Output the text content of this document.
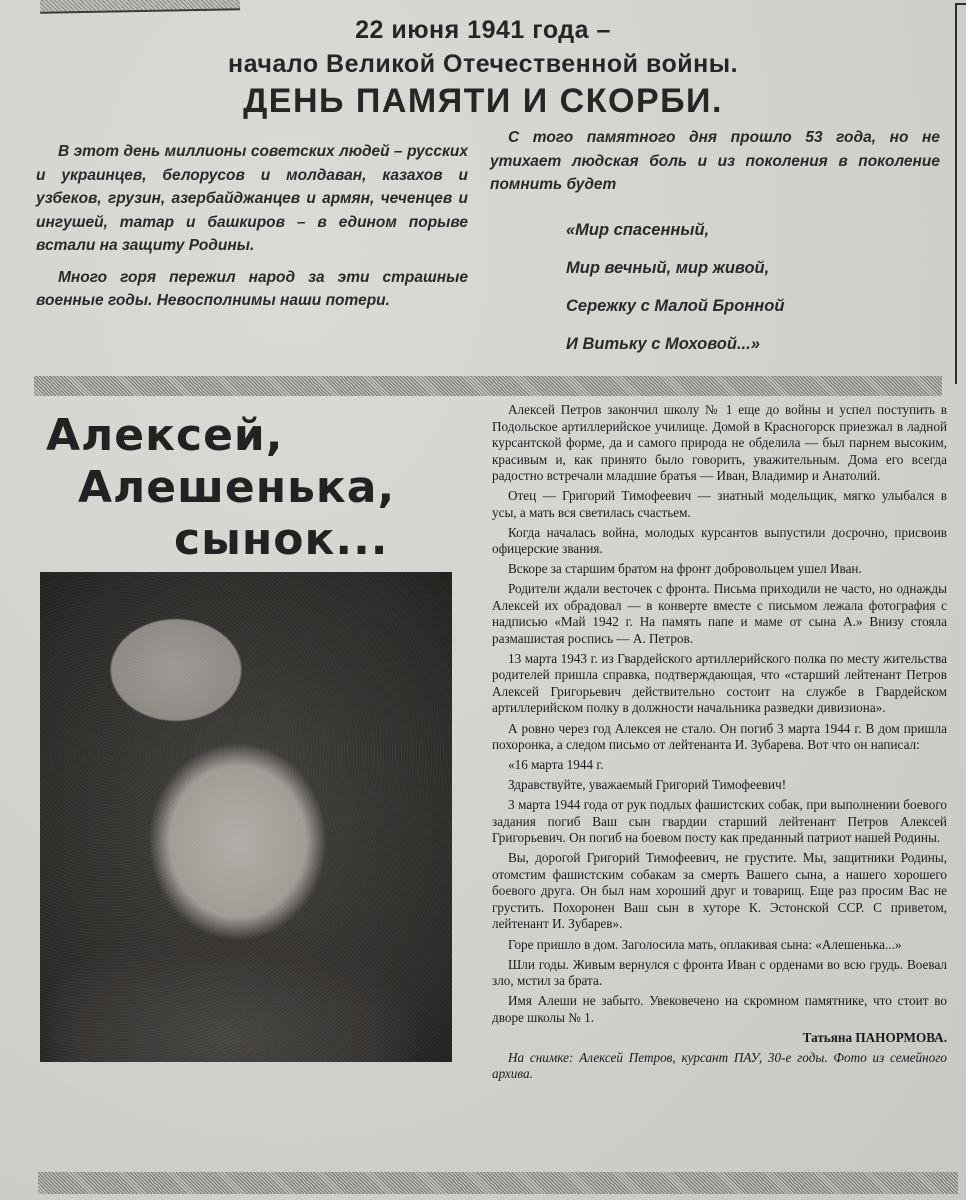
22 июня 1941 года –
начало Великой Отечественной войны.
ДЕНЬ ПАМЯТИ И СКОРБИ.

В этот день миллионы советских людей – русских и украинцев, белорусов и молдаван, казахов и узбеков, грузин, азербайджанцев и армян, чеченцев и ингушей, татар и башкиров – в едином порыве встали на защиту Родины.

Много горя пережил народ за эти страшные военные годы. Невосполнимы наши потери.

С того памятного дня прошло 53 года, но не утихает людская боль и из поколения в поколение помнить будет

«Мир спасенный,
Мир вечный, мир живой,
Сережку с Малой Бронной
И Витьку с Моховой...»
Алексей,
Алешенька,
сынок...

Алексей Петров закончил школу № 1 еще до войны и успел поступить в Подольское артиллерийское училище. Домой в Красногорск приезжал в ладной курсантской форме, да и самого природа не обделила — был парнем высоким, красивым и, как принято было говорить, уважительным. Дома его всегда радостно встречали младшие братья — Иван, Владимир и Анатолий.

Отец — Григорий Тимофеевич — знатный модельщик, мягко улыбался в усы, а мать вся светилась счастьем.

Когда началась война, молодых курсантов выпустили досрочно, присвоив офицерские звания.

Вскоре за старшим братом на фронт добровольцем ушел Иван.

Родители ждали весточек с фронта. Письма приходили не часто, но однажды Алексей их обрадовал — в конверте вместе с письмом лежала фотография с надписью «Май 1942 г. На память папе и маме от сына А.» Внизу стояла размашистая роспись — А. Петров.

13 марта 1943 г. из Гвардейского артиллерийского полка по месту жительства родителей пришла справка, подтверждающая, что «старший лейтенант Петров Алексей Григорьевич действительно состоит на службе в Гвардейском артиллерийском полку в должности начальника разведки дивизиона».

А ровно через год Алексея не стало. Он погиб 3 марта 1944 г. В дом пришла похоронка, а следом письмо от лейтенанта И. Зубарева. Вот что он написал:

«16 марта 1944 г.

Здравствуйте, уважаемый Григорий Тимофеевич!

3 марта 1944 года от рук подлых фашистских собак, при выполнении боевого задания погиб Ваш сын гвардии старший лейтенант Петров Алексей Григорьевич. Он погиб на боевом посту как преданный патриот нашей Родины.

Вы, дорогой Григорий Тимофеевич, не грустите. Мы, защитники Родины, отомстим фашистским собакам за смерть Вашего сына, а нашего хорошего боевого друга. Он был нам хороший друг и товарищ. Еще раз просим Вас не грустить. Похоронен Ваш сын в хуторе К. Эстонской ССР. С приветом, лейтенант И. Зубарев».

Горе пришло в дом. Заголосила мать, оплакивая сына: «Алешенька...»

Шли годы. Живым вернулся с фронта Иван с орденами во всю грудь. Воевал зло, мстил за брата.

Имя Алеши не забыто. Увековечено на скромном памятнике, что стоит во дворе школы № 1.

Татьяна ПАНОРМОВА.

На снимке: Алексей Петров, курсант ПАУ, 30-е годы. Фото из семейного архива.
